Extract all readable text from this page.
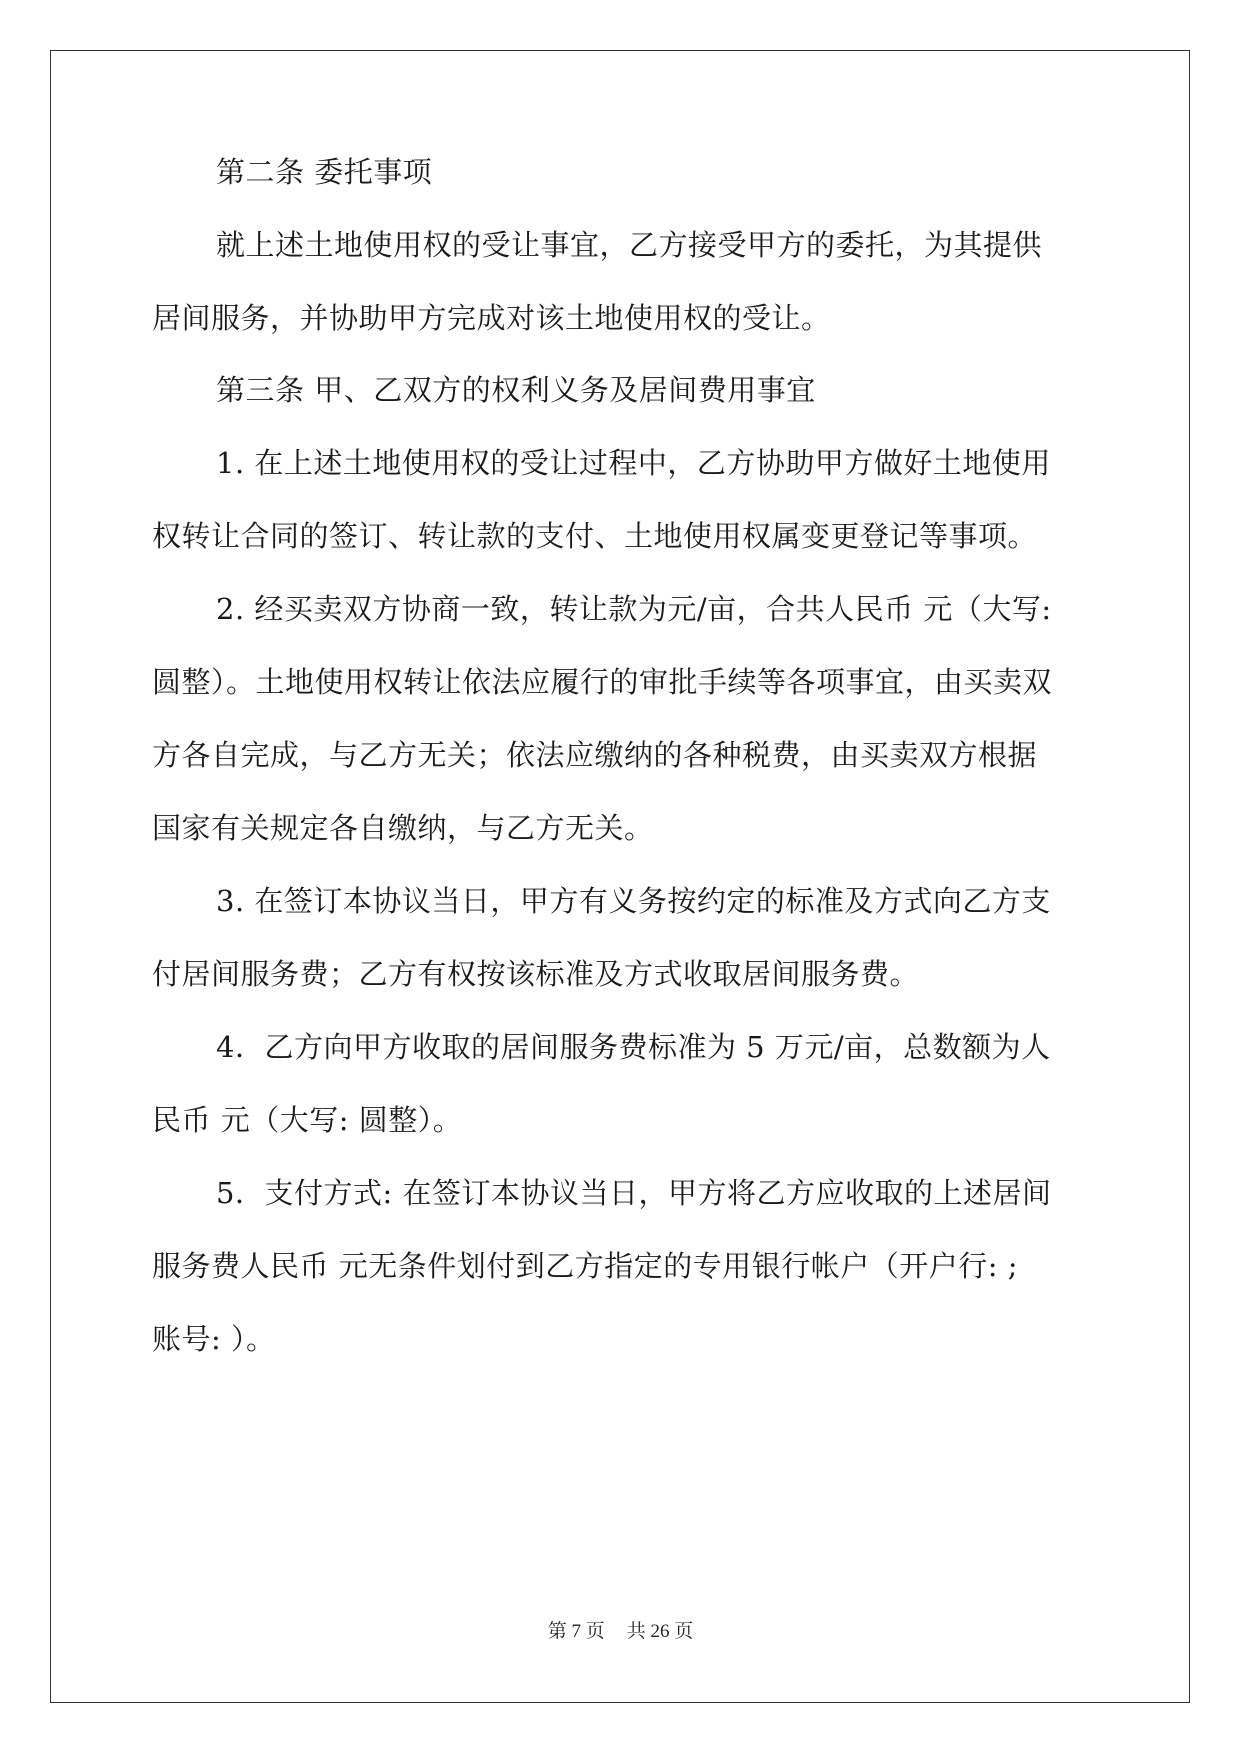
第二条 委托事项
就上述土地使用权的受让事宜，乙方接受甲方的委托，为其提供
居间服务，并协助甲方完成对该土地使用权的受让。
第三条 甲、乙双方的权利义务及居间费用事宜
1. 在上述土地使用权的受让过程中，乙方协助甲方做好土地使用
权转让合同的签订、转让款的支付、土地使用权属变更登记等事项。
2. 经买卖双方协商一致，转让款为元/亩，合共人民币 元（大写:
圆整）。土地使用权转让依法应履行的审批手续等各项事宜，由买卖双
方各自完成，与乙方无关；依法应缴纳的各种税费，由买卖双方根据
国家有关规定各自缴纳，与乙方无关。
3. 在签订本协议当日，甲方有义务按约定的标准及方式向乙方支
付居间服务费；乙方有权按该标准及方式收取居间服务费。
4．乙方向甲方收取的居间服务费标准为 5 万元/亩，总数额为人
民币 元（大写: 圆整）。
5．支付方式: 在签订本协议当日，甲方将乙方应收取的上述居间
服务费人民币 元无条件划付到乙方指定的专用银行帐户（开户行: ;
账号: ）。
第 7 页 共 26 页
